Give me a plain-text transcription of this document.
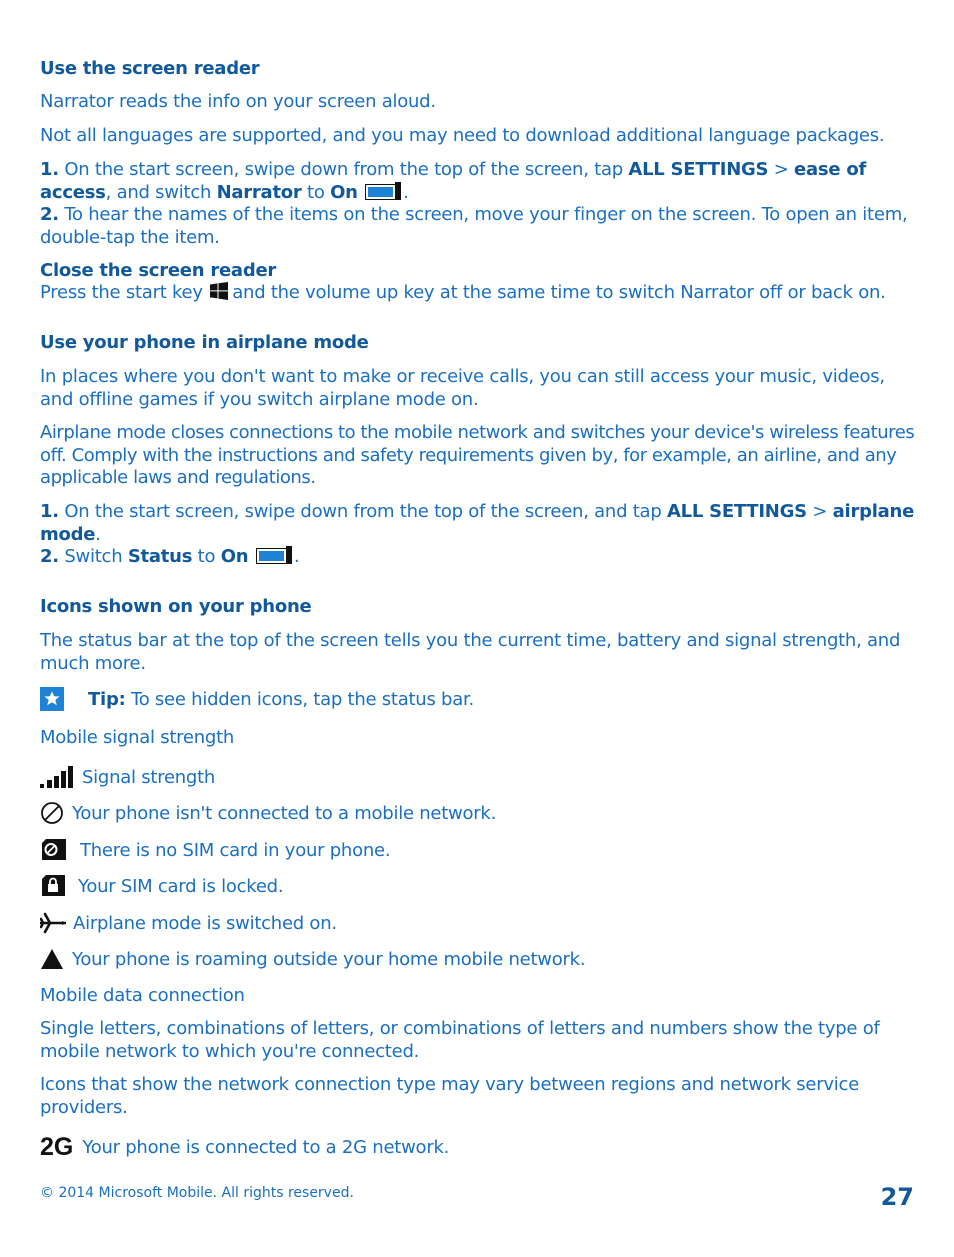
Use the screen reader
Narrator reads the info on your screen aloud.
Not all languages are supported, and you may need to download additional language packages.
1. On the start screen, swipe down from the top of the screen, tap ALL SETTINGS > ease of access, and switch Narrator to On	.
2. To hear the names of the items on the screen, move your finger on the screen. To open an item, double-tap the item.
Close the screen reader
Press the start key and the volume up key at the same time to switch Narrator off or back on.
Use your phone in airplane mode
In places where you don't want to make or receive calls, you can still access your music, videos, and offline games if you switch airplane mode on.
Airplane mode closes connections to the mobile network and switches your device's wireless features off. Comply with the instructions and safety requirements given by, for example, an airline, and any applicable laws and regulations.
1. On the start screen, swipe down from the top of the screen, and tap ALL SETTINGS > airplane mode.
2. Switch Status to On	.
Icons shown on your phone
The status bar at the top of the screen tells you the current time, battery and signal strength, and much more.
Tip: To see hidden icons, tap the status bar.
Mobile signal strength
Signal strength
Your phone isn't connected to a mobile network.
There is no SIM card in your phone.
Your SIM card is locked.
Airplane mode is switched on.
Your phone is roaming outside your home mobile network.
Mobile data connection
Single letters, combinations of letters, or combinations of letters and numbers show the type of mobile network to which you're connected.
Icons that show the network connection type may vary between regions and network service providers.
2G Your phone is connected to a 2G network.
© 2014 Microsoft Mobile. All rights reserved.	27
